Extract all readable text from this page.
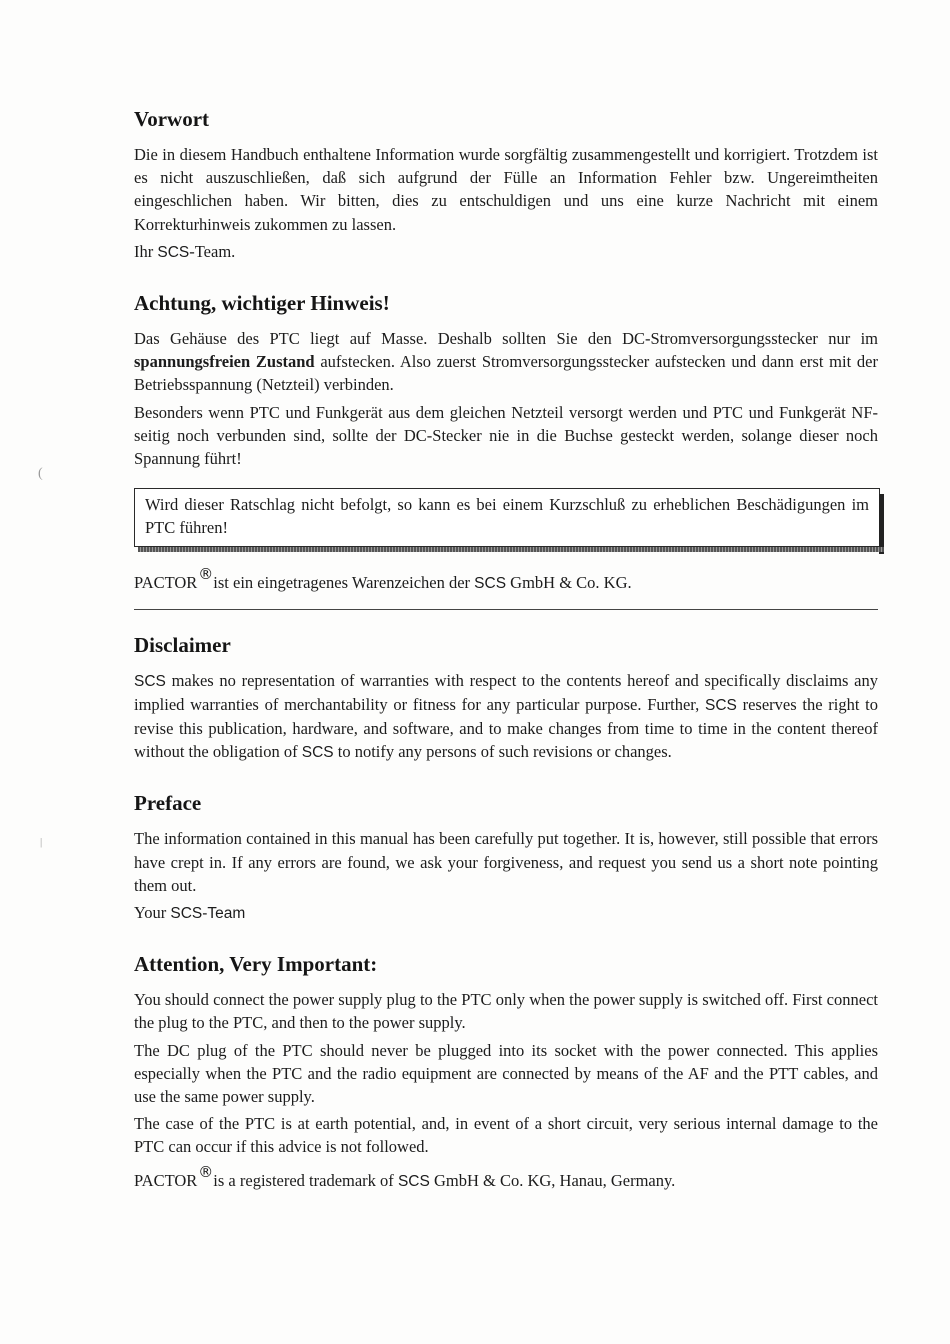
(
|
Vorwort

Die in diesem Handbuch enthaltene Information wurde sorgfältig zusammengestellt und korrigiert. Trotzdem ist es nicht auszuschließen, daß sich aufgrund der Fülle an Information Fehler bzw. Ungereimtheiten eingeschlichen haben. Wir bitten, dies zu entschuldigen und uns eine kurze Nachricht mit einem Korrekturhinweis zukommen zu lassen.

Ihr SCS-Team.

Achtung, wichtiger Hinweis!

Das Gehäuse des PTC liegt auf Masse. Deshalb sollten Sie den DC-Stromversorgungsstecker nur im spannungsfreien Zustand aufstecken. Also zuerst Stromversorgungsstecker aufstecken und dann erst mit der Betriebsspannung (Netzteil) verbinden.

Besonders wenn PTC und Funkgerät aus dem gleichen Netzteil versorgt werden und PTC und Funkgerät NF-seitig noch verbunden sind, sollte der DC-Stecker nie in die Buchse gesteckt werden, solange dieser noch Spannung führt!

Wird dieser Ratschlag nicht befolgt, so kann es bei einem Kurzschluß zu erheblichen Beschädigungen im PTC führen!

PACTOR®ist ein eingetragenes Warenzeichen der SCS GmbH & Co. KG.

Disclaimer

SCS makes no representation of warranties with respect to the contents hereof and specifically disclaims any implied warranties of merchantability or fitness for any particular purpose. Further, SCS reserves the right to revise this publication, hardware, and software, and to make changes from time to time in the content thereof without the obligation of SCS to notify any persons of such revisions or changes.

Preface

The information contained in this manual has been carefully put together. It is, however, still possible that errors have crept in. If any errors are found, we ask your forgiveness, and request you send us a short note pointing them out.

Your SCS-Team

Attention, Very Important:

You should connect the power supply plug to the PTC only when the power supply is switched off. First connect the plug to the PTC, and then to the power supply.

The DC plug of the PTC should never be plugged into its socket with the power connected. This applies especially when the PTC and the radio equipment are connected by means of the AF and the PTT cables, and use the same power supply.

The case of the PTC is at earth potential, and, in event of a short circuit, very serious internal damage to the PTC can occur if this advice is not followed.

PACTOR®is a registered trademark of SCS GmbH & Co. KG, Hanau, Germany.
